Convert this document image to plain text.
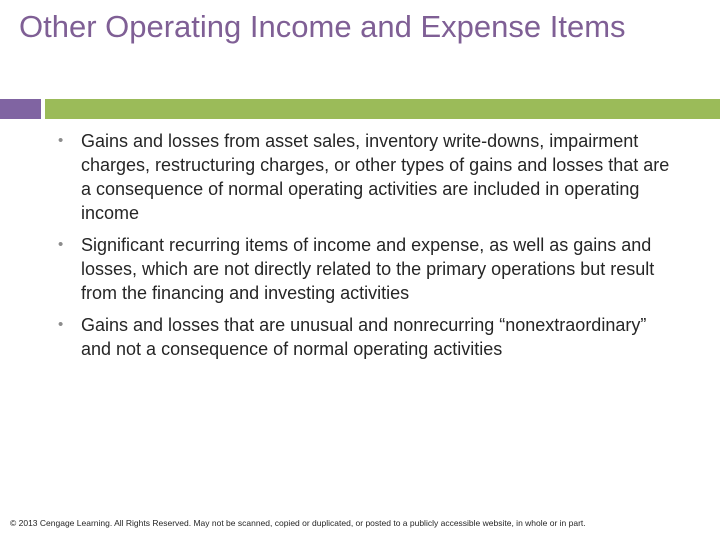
Other Operating Income and Expense Items
• Gains and losses from asset sales, inventory write-downs, impairment charges, restructuring charges, or other types of gains and losses that are a consequence of normal operating activities are included in operating income
• Significant recurring items of income and expense, as well as gains and losses, which are not directly related to the primary operations but result from the financing and investing activities
• Gains and losses that are unusual and nonrecurring “nonextraordinary” and not a consequence of normal operating activities
© 2013 Cengage Learning. All Rights Reserved. May not be scanned, copied or duplicated, or posted to a publicly accessible website, in whole or in part.
